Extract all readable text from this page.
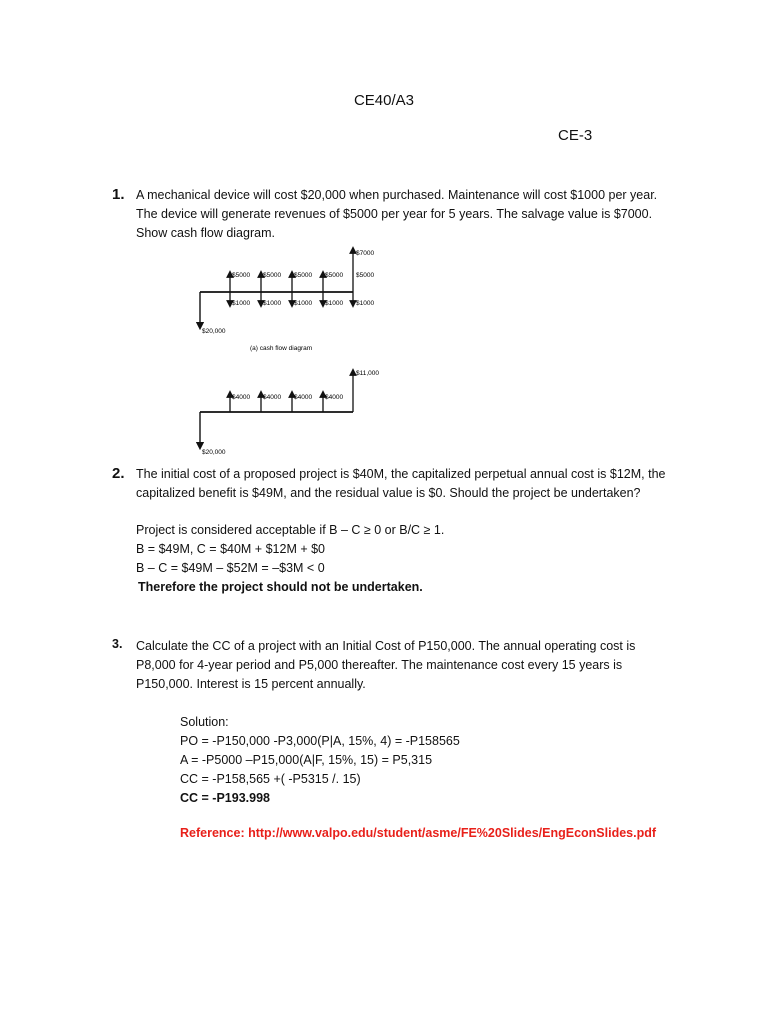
CE40/A3
CE-3
1. A mechanical device will cost $20,000 when purchased. Maintenance will cost $1000 per year.
The device will generate revenues of $5000 per year for 5 years. The salvage value is $7000.
Show cash flow diagram.
$20,000
$5000 $5000 $5000 $5000 $5000
$7000
$1000 $1000 $1000 $1000 $1000
(a) cash flow diagram
$20,000
$4000 $4000 $4000 $4000
$11,000
2. The initial cost of a proposed project is $40M, the capitalized perpetual annual cost is $12M, the
capitalized benefit is $49M, and the residual value is $0. Should the project be undertaken?
Project is considered acceptable if B – C ≥ 0 or B/C ≥ 1.
B = $49M, C = $40M + $12M + $0
B – C = $49M – $52M = –$3M < 0
Therefore the project should not be undertaken.
3. Calculate the CC of a project with an Initial Cost of P150,000. The annual operating cost is
P8,000 for 4-year period and P5,000 thereafter. The maintenance cost every 15 years is
P150,000. Interest is 15 percent annually.
Solution:
PO = -P150,000 -P3,000(P|A, 15%, 4) = -P158565
A = -P5000 –P15,000(A|F, 15%, 15) = P5,315
CC = -P158,565 +( -P5315 /. 15)
CC = -P193.998
Reference: http://www.valpo.edu/student/asme/FE%20Slides/EngEconSlides.pdf
